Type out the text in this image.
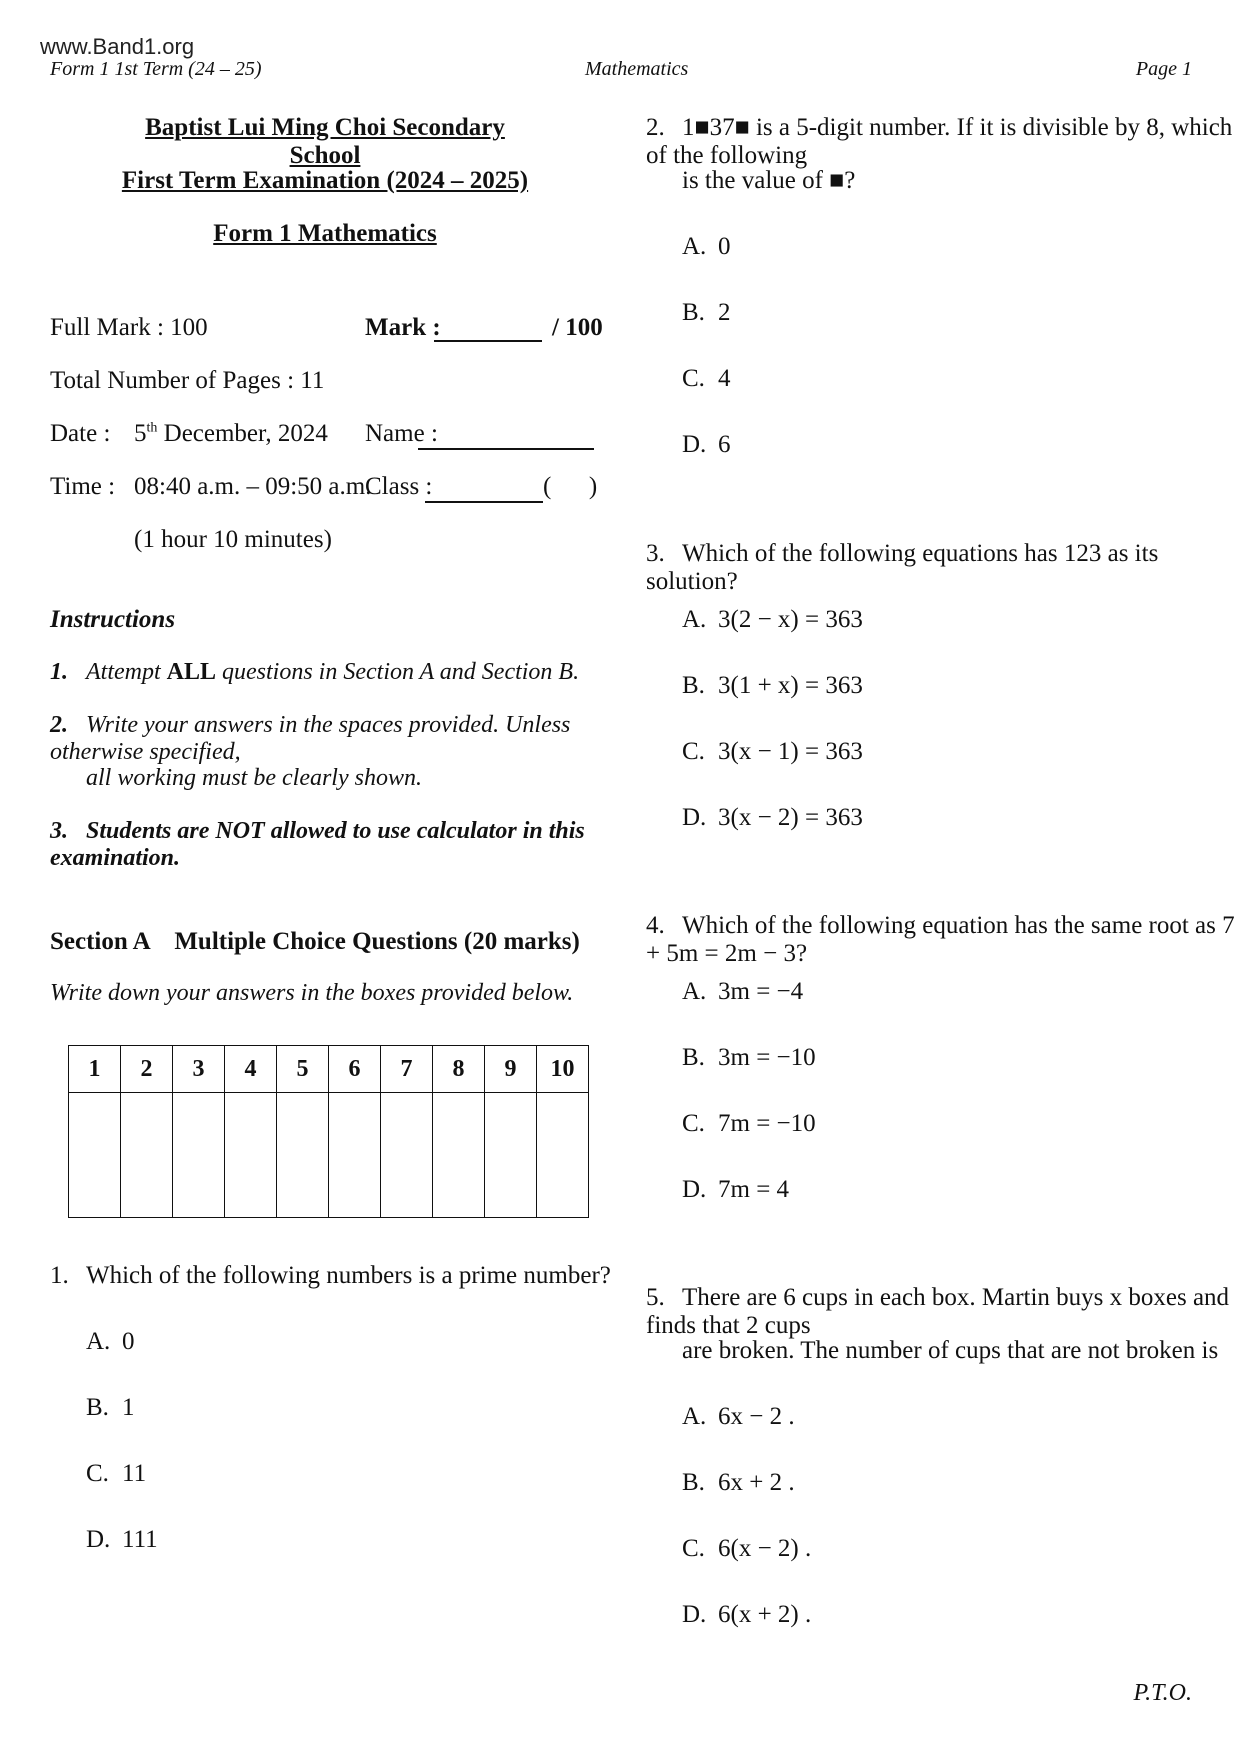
www.Band1.org
Form 1 1st Term (24 – 25)	Mathematics	Page 1
Baptist Lui Ming Choi Secondary School
First Term Examination (2024 – 2025)
Form 1 Mathematics
Full Mark : 100	Mark :	/ 100
Total Number of Pages : 11
Date : 5th December, 2024 Name :
Time : 08:40 a.m. – 09:50 a.m.
Class :	(      )
(1 hour 10 minutes)
Instructions
1. Attempt ALL questions in Section A and Section B.
2. Write your answers in the spaces provided. Unless otherwise specified,
all working must be clearly shown.
3. Students are NOT allowed to use calculator in this examination.
Section A    Multiple Choice Questions (20 marks)
Write down your answers in the boxes provided below.
1	2	3	4	5	6	7	8	9	10

1. Which of the following numbers is a prime number?
A. 0
B. 1
C. 11
D. 111
2. 1■37■ is a 5-digit number. If it is divisible by 8, which of the following
is the value of ■?
A. 0
B. 2
C. 4
D. 6
3. Which of the following equations has 123 as its solution?
A. 3(2 − x) = 363
B. 3(1 + x) = 363
C. 3(x − 1) = 363
D. 3(x − 2) = 363
4. Which of the following equation has the same root as 7 + 5m = 2m − 3?
A. 3m = −4
B. 3m = −10
C. 7m = −10
D. 7m = 4
5. There are 6 cups in each box. Martin buys x boxes and finds that 2 cups
are broken. The number of cups that are not broken is
A. 6x − 2 .
B. 6x + 2 .
C. 6(x − 2) .
D. 6(x + 2) .
P.T.O.
